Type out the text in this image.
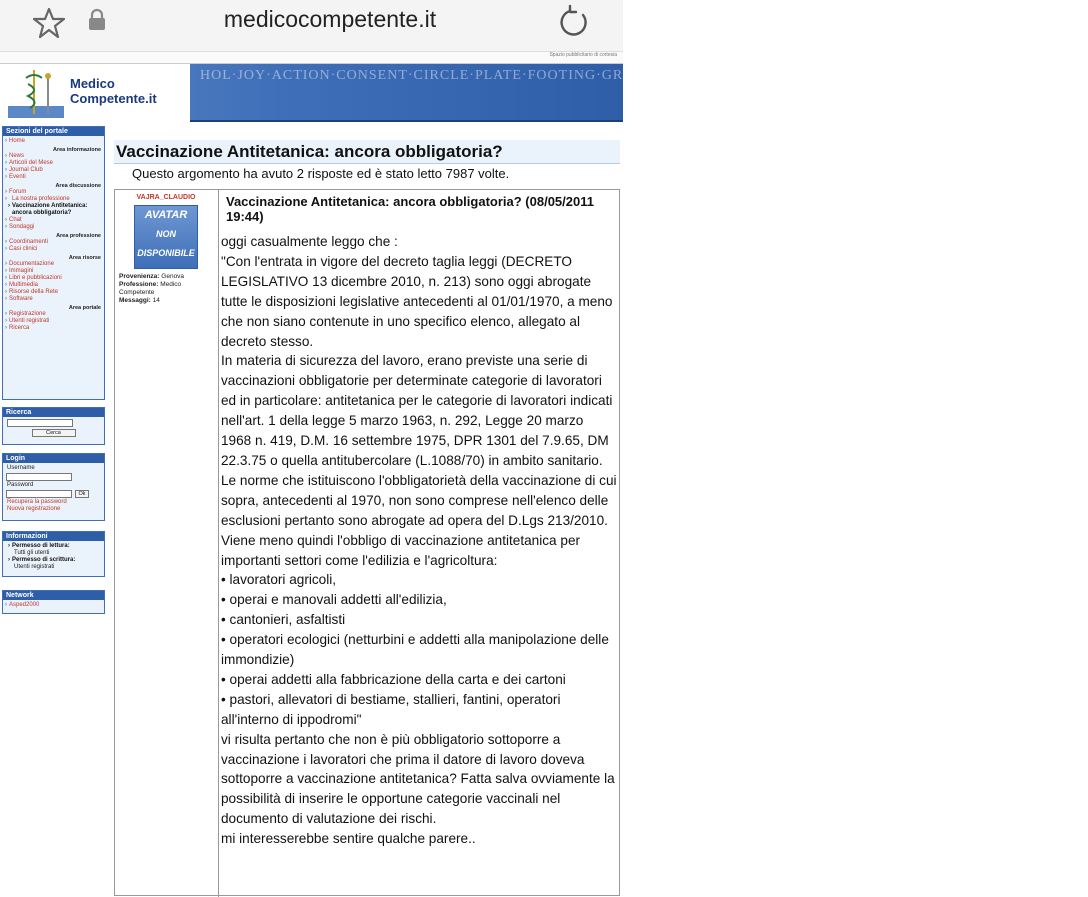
medicocompetente.it
Spazio pubblicitario di cortesia
Medico
Competente.it
HOL·JOY·ACTION·CONSENT·CIRCLE·PLATE·FOOTING·GROUND·CIRCLE·ACTION·HOLD·CONSENT·SUNNY·JOY·GUSHING
Sezioni del portale
› Home
Area informazione
› News
› Articoli del Mese
› Journal Club
› Eventi
Area discussione
› Forum
› La nostra professione
› Vaccinazione Antitetanica: ancora obbligatoria?
› Chat
› Sondaggi
Area professione
› Coordinamenti
› Casi clinici
Area risorse
› Documentazione
› Immagini
› Libri e pubblicazioni
› Multimedia
› Risorse della Rete
› Software
Area portale
› Registrazione
› Utenti registrati
› Ricerca
Ricerca
Cerca
Login
Username
Password
Ok
Recupera la password
Nuova registrazione
Informazioni
› Permesso di lettura:
Tutti gli utenti
› Permesso di scrittura:
Utenti registrati
Network
› Asped2000
Vaccinazione Antitetanica: ancora obbligatoria?
Questo argomento ha avuto 2 risposte ed è stato letto 7987 volte.
VAJRA_CLAUDIO
AVATAR
NON
DISPONIBILE
Provenienza: Genova
Professione: Medico Competente
Messaggi: 14
Vaccinazione Antitetanica: ancora obbligatoria? (08/05/2011 19:44)

oggi casualmente leggo che :

"Con l'entrata in vigore del decreto taglia leggi (DECRETO LEGISLATIVO 13 dicembre 2010, n. 213) sono oggi abrogate tutte le disposizioni legislative antecedenti al 01/01/1970, a meno che non siano contenute in uno specifico elenco, allegato al decreto stesso.

In materia di sicurezza del lavoro, erano previste una serie di vaccinazioni obbligatorie per determinate categorie di lavoratori ed in particolare: antitetanica per le categorie di lavoratori indicati nell'art. 1 della legge 5 marzo 1963, n. 292, Legge 20 marzo 1968 n. 419, D.M. 16 settembre 1975, DPR 1301 del 7.9.65, DM 22.3.75 o quella antitubercolare (L.1088/70) in ambito sanitario.

Le norme che istituiscono l'obbligatorietà della vaccinazione di cui sopra, antecedenti al 1970, non sono comprese nell'elenco delle esclusioni pertanto sono abrogate ad opera del D.Lgs 213/2010.

Viene meno quindi l'obbligo di vaccinazione antitetanica per importanti settori come l'edilizia e l'agricoltura:

• lavoratori agricoli,

• operai e manovali addetti all'edilizia,

• cantonieri, asfaltisti

• operatori ecologici (netturbini e addetti alla manipolazione delle immondizie)

• operai addetti alla fabbricazione della carta e dei cartoni

• pastori, allevatori di bestiame, stallieri, fantini, operatori all'interno di ippodromi"

vi risulta pertanto che non è più obbligatorio sottoporre a vaccinazione i lavoratori che prima il datore di lavoro doveva sottoporre a vaccinazione antitetanica? Fatta salva ovviamente la possibilità di inserire le opportune categorie vaccinali nel documento di valutazione dei rischi.

mi interesserebbe sentire qualche parere..
